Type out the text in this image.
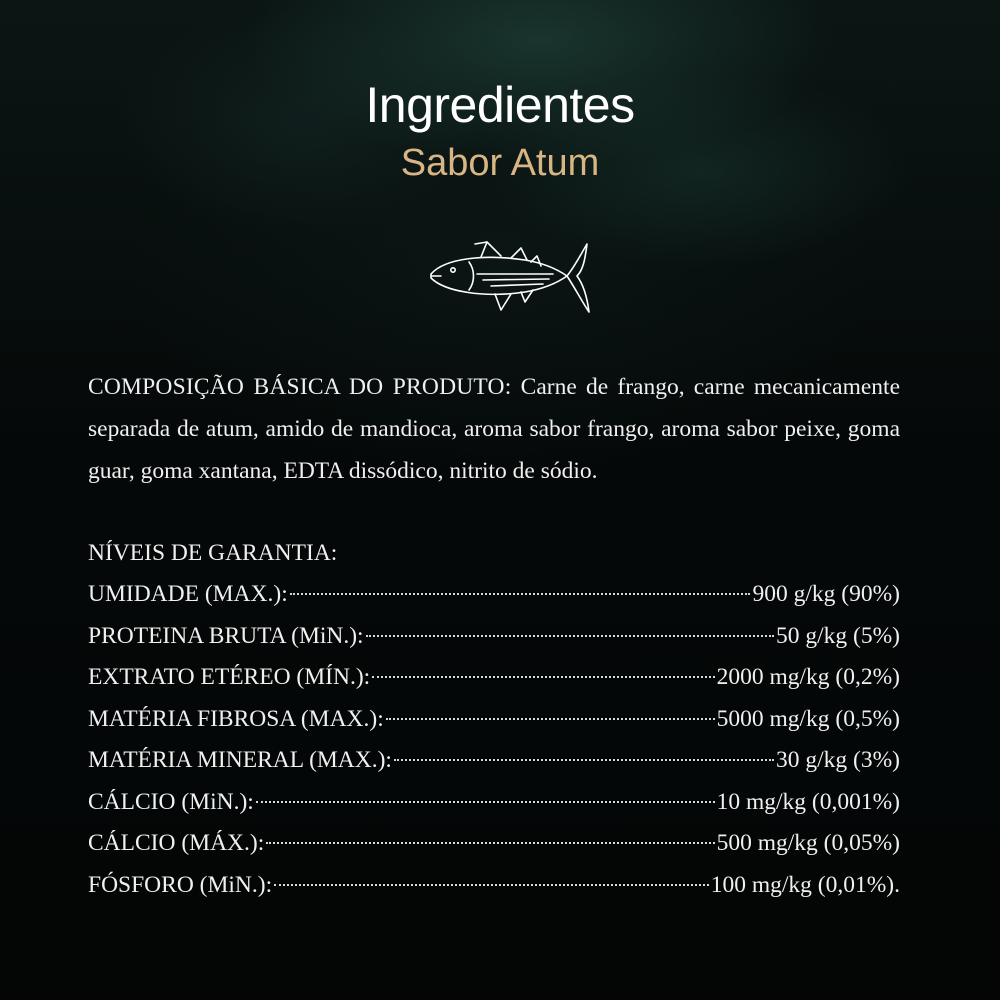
Ingredientes
Sabor Atum
COMPOSIÇÃO BÁSICA DO PRODUTO: Carne de frango, carne mecanicamente separada de atum, amido de mandioca, aroma sabor frango, aroma sabor peixe, goma guar, goma xantana, EDTA dissódico, nitrito de sódio.
NÍVEIS DE GARANTIA:
UMIDADE (MAX.):	900 g/kg (90%)
PROTEINA BRUTA (MiN.):	50 g/kg (5%)
EXTRATO ETÉREO (MÍN.):	2000 mg/kg (0,2%)
MATÉRIA FIBROSA (MAX.):	5000 mg/kg (0,5%)
MATÉRIA MINERAL (MAX.):	30 g/kg (3%)
CÁLCIO (MiN.):	10 mg/kg (0,001%)
CÁLCIO (MÁX.):	500 mg/kg (0,05%)
FÓSFORO (MiN.):	100 mg/kg (0,01%).
